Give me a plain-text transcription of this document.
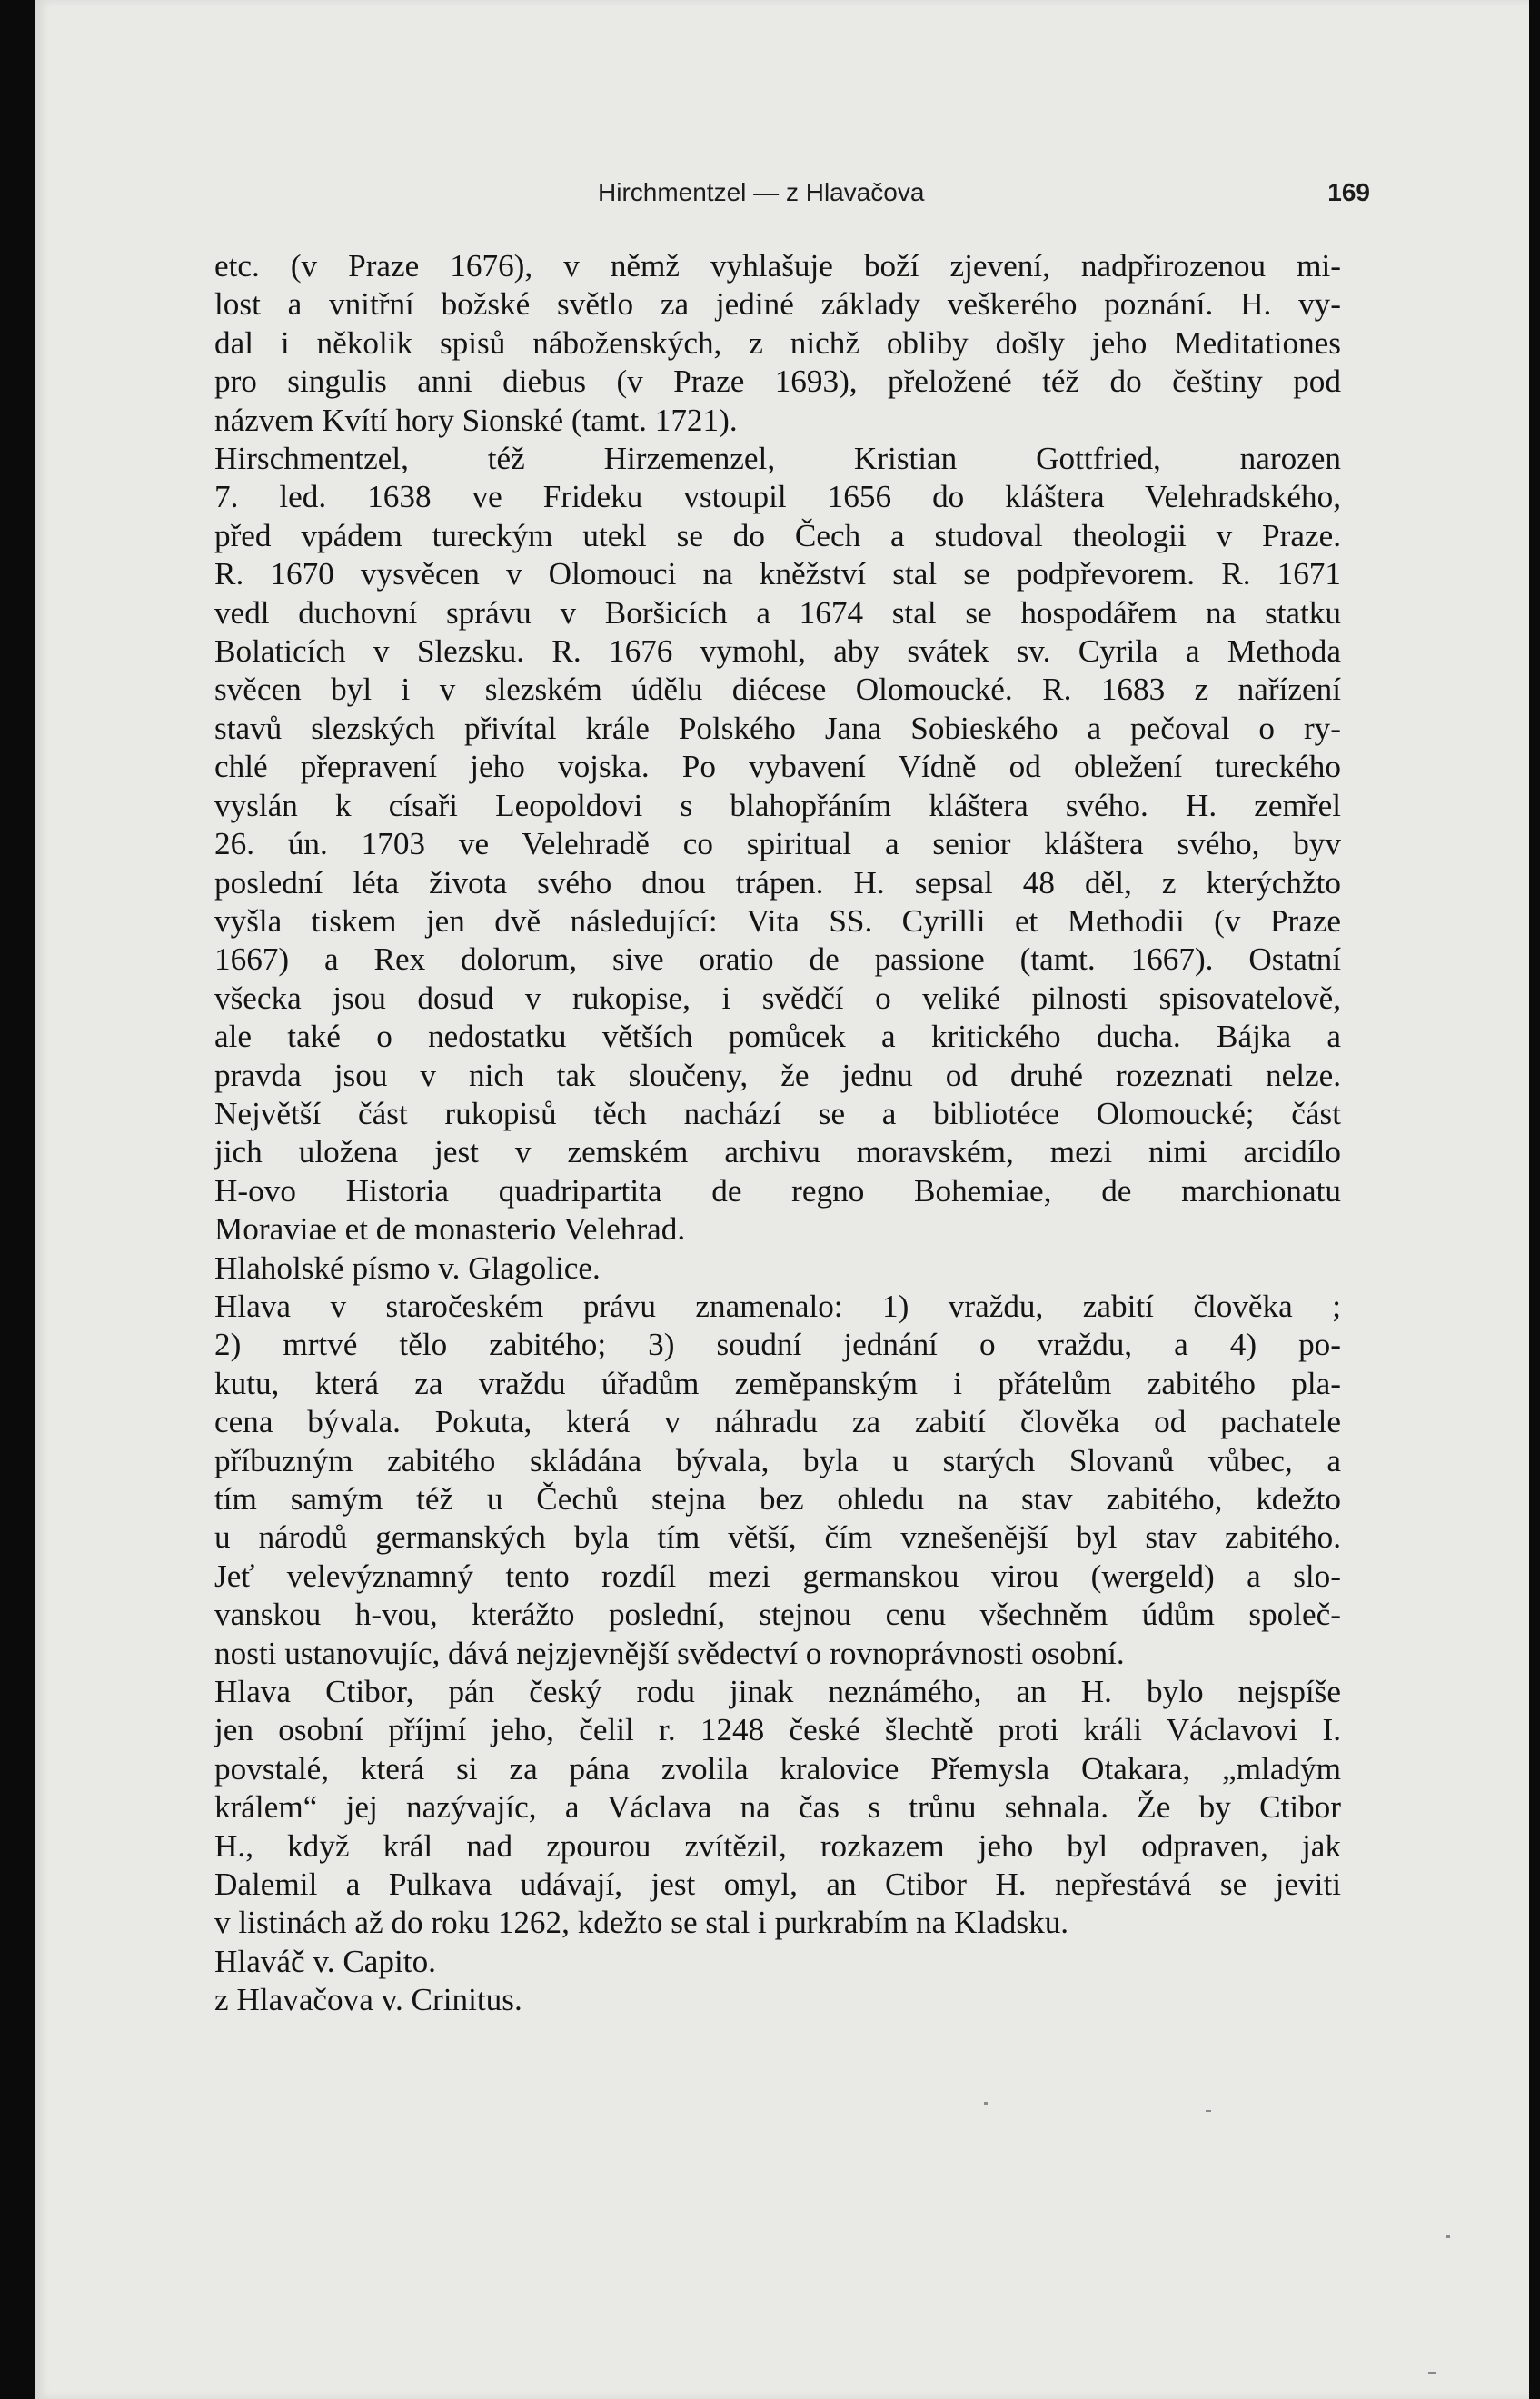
Hirchmentzel — z Hlavačova	169
etc. (v Praze 1676), v němž vyhlašuje boží zjevení, nadpřirozenou mi-
lost a vnitřní božské světlo za jediné základy veškerého poznání. H. vy-
dal i několik spisů náboženských, z nichž obliby došly jeho Meditationes
pro singulis anni diebus (v Praze 1693), přeložené též do češtiny pod
názvem Kvítí hory Sionské (tamt. 1721).
Hirschmentzel, též Hirzemenzel, Kristian Gottfried, narozen
7. led. 1638 ve Frideku vstoupil 1656 do kláštera Velehradského,
před vpádem tureckým utekl se do Čech a studoval theologii v Praze.
R. 1670 vysvěcen v Olomouci na kněžství stal se podpřevorem. R. 1671
vedl duchovní správu v Boršicích a 1674 stal se hospodářem na statku
Bolaticích v Slezsku. R. 1676 vymohl, aby svátek sv. Cyrila a Methoda
svěcen byl i v slezském údělu diécese Olomoucké. R. 1683 z nařízení
stavů slezských přivítal krále Polského Jana Sobieského a pečoval o ry-
chlé přepravení jeho vojska. Po vybavení Vídně od obležení tureckého
vyslán k císaři Leopoldovi s blahopřáním kláštera svého. H. zemřel
26. ún. 1703 ve Velehradě co spiritual a senior kláštera svého, byv
poslední léta života svého dnou trápen. H. sepsal 48 děl, z kterýchžto
vyšla tiskem jen dvě následující: Vita SS. Cyrilli et Methodii (v Praze
1667) a Rex dolorum, sive oratio de passione (tamt. 1667). Ostatní
všecka jsou dosud v rukopise, i svědčí o veliké pilnosti spisovatelově,
ale také o nedostatku větších pomůcek a kritického ducha. Bájka a
pravda jsou v nich tak sloučeny, že jednu od druhé rozeznati nelze.
Největší část rukopisů těch nachází se a bibliotéce Olomoucké; část
jich uložena jest v zemském archivu moravském, mezi nimi arcidílo
H-ovo Historia quadripartita de regno Bohemiae, de marchionatu
Moraviae et de monasterio Velehrad.
Hlaholské písmo v. Glagolice.
Hlava v staročeském právu znamenalo: 1) vraždu, zabití člověka ;
2) mrtvé tělo zabitého; 3) soudní jednání o vraždu, a 4) po-
kutu, která za vraždu úřadům zeměpanským i přátelům zabitého pla-
cena bývala. Pokuta, která v náhradu za zabití člověka od pachatele
příbuzným zabitého skládána bývala, byla u starých Slovanů vůbec, a
tím samým též u Čechů stejna bez ohledu na stav zabitého, kdežto
u národů germanských byla tím větší, čím vznešenější byl stav zabitého.
Jeť velevýznamný tento rozdíl mezi germanskou virou (wergeld) a slo-
vanskou h-vou, kterážto poslední, stejnou cenu všechněm údům společ-
nosti ustanovujíc, dává nejzjevnější svědectví o rovnoprávnosti osobní.
Hlava Ctibor, pán český rodu jinak neznámého, an H. bylo nejspíše
jen osobní příjmí jeho, čelil r. 1248 české šlechtě proti králi Václavovi I.
povstalé, která si za pána zvolila kralovice Přemysla Otakara, „mladým
králem“ jej nazývajíc, a Václava na čas s trůnu sehnala. Že by Ctibor
H., když král nad zpourou zvítězil, rozkazem jeho byl odpraven, jak
Dalemil a Pulkava udávají, jest omyl, an Ctibor H. nepřestává se jeviti
v listinách až do roku 1262, kdežto se stal i purkrabím na Kladsku.
Hlaváč v. Capito.
z Hlavačova v. Crinitus.
